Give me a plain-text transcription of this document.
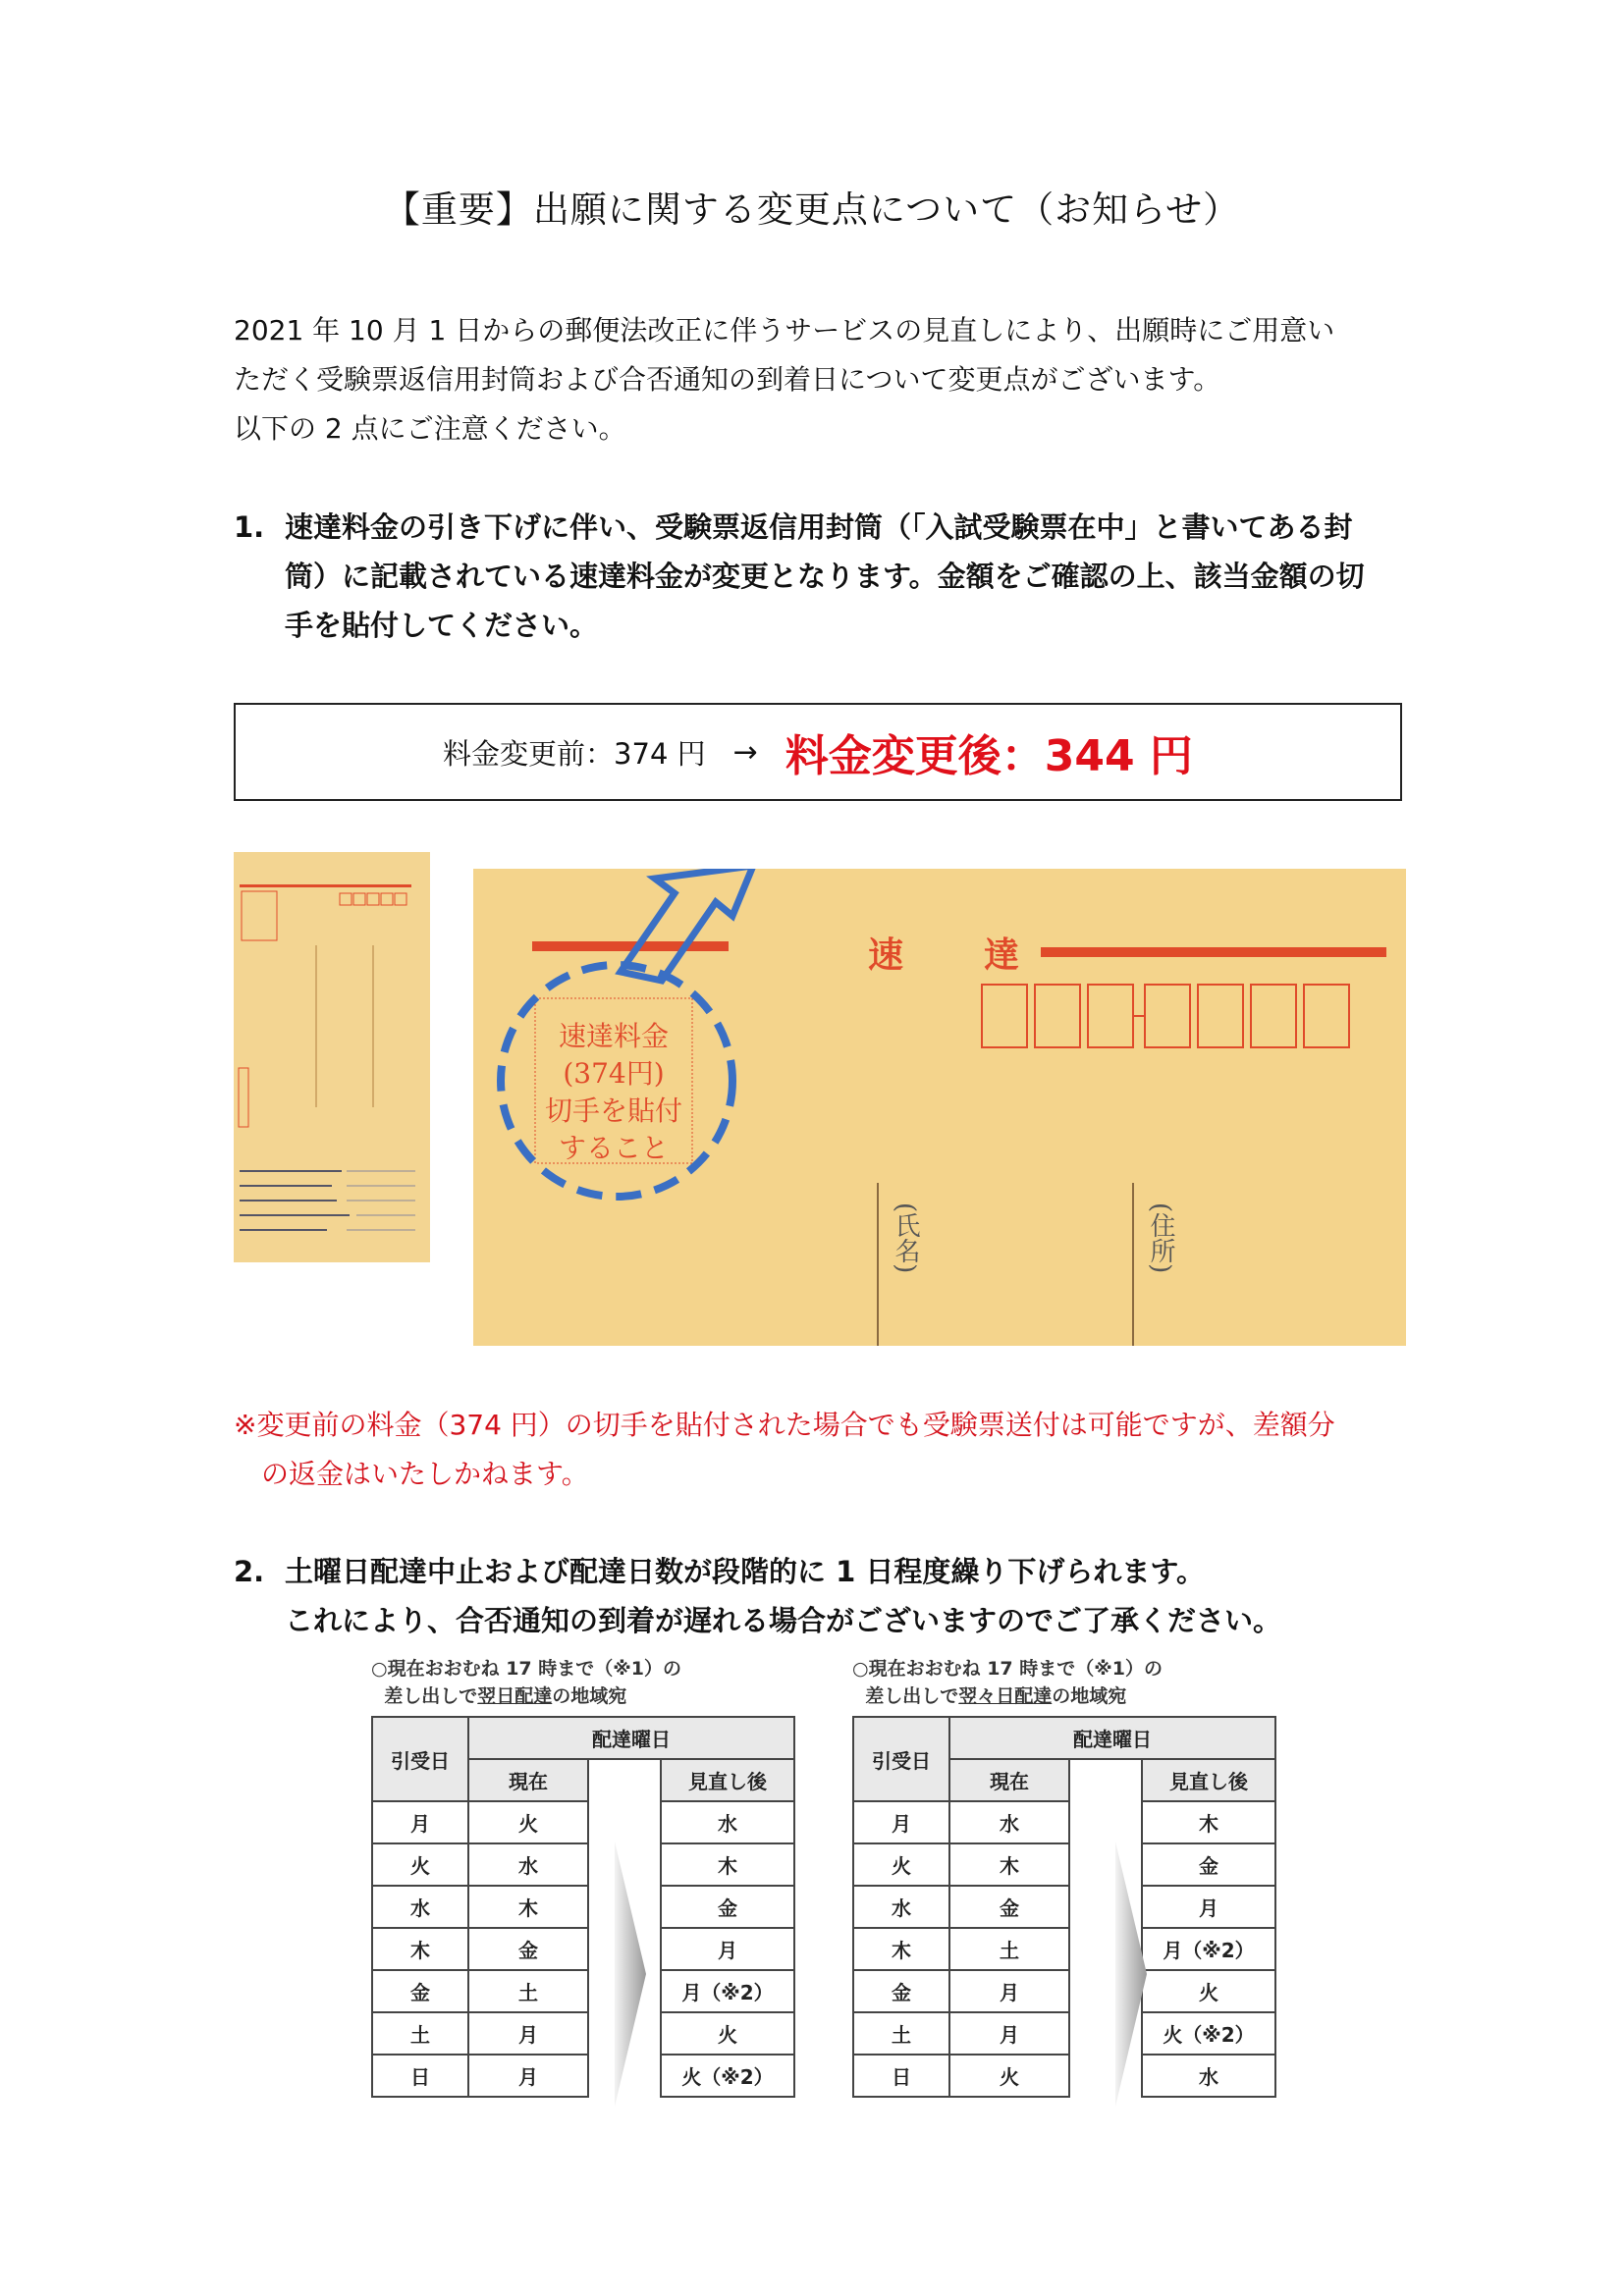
【重要】出願に関する変更点について（お知らせ）

2021 年 10 月 1 日からの郵便法改正に伴うサービスの見直しにより、出願時にご用意い

ただく受験票返信用封筒および合否通知の到着日について変更点がございます。

以下の 2 点にご注意ください。

1. 速達料金の引き下げに伴い、受験票返信用封筒（「入試受験票在中」と書いてある封

筒）に記載されている速達料金が変更となります。金額をご確認の上、該当金額の切

手を貼付してください。

料金変更前：374 円 → 料金変更後：344 円
速 達
速達料金
(374円)
切手を貼付
すること
(氏名)	(住所)

※変更前の料金（374 円）の切手を貼付された場合でも受験票送付は可能ですが、差額分

の返金はいたしかねます。

2. 土曜日配達中止および配達日数が段階的に 1 日程度繰り下げられます。

これにより、合否通知の到着が遅れる場合がございますのでご了承ください。

○現在おおむね 17 時まで（※1）の
差し出しで翌日配達の地域宛
引受日	配達曜日		
	現在		見直し後
月	火		水
火	水		木
水	木		金
木	金		月
金	土		月（※2）
土	月		火
日	月		火（※2）
○現在おおむね 17 時まで（※1）の
差し出しで翌々日配達の地域宛
引受日	配達曜日		
	現在		見直し後
月	水		木
火	木		金
水	金		月
木	土		月（※2）
金	月		火
土	月		火（※2）
日	火		水
